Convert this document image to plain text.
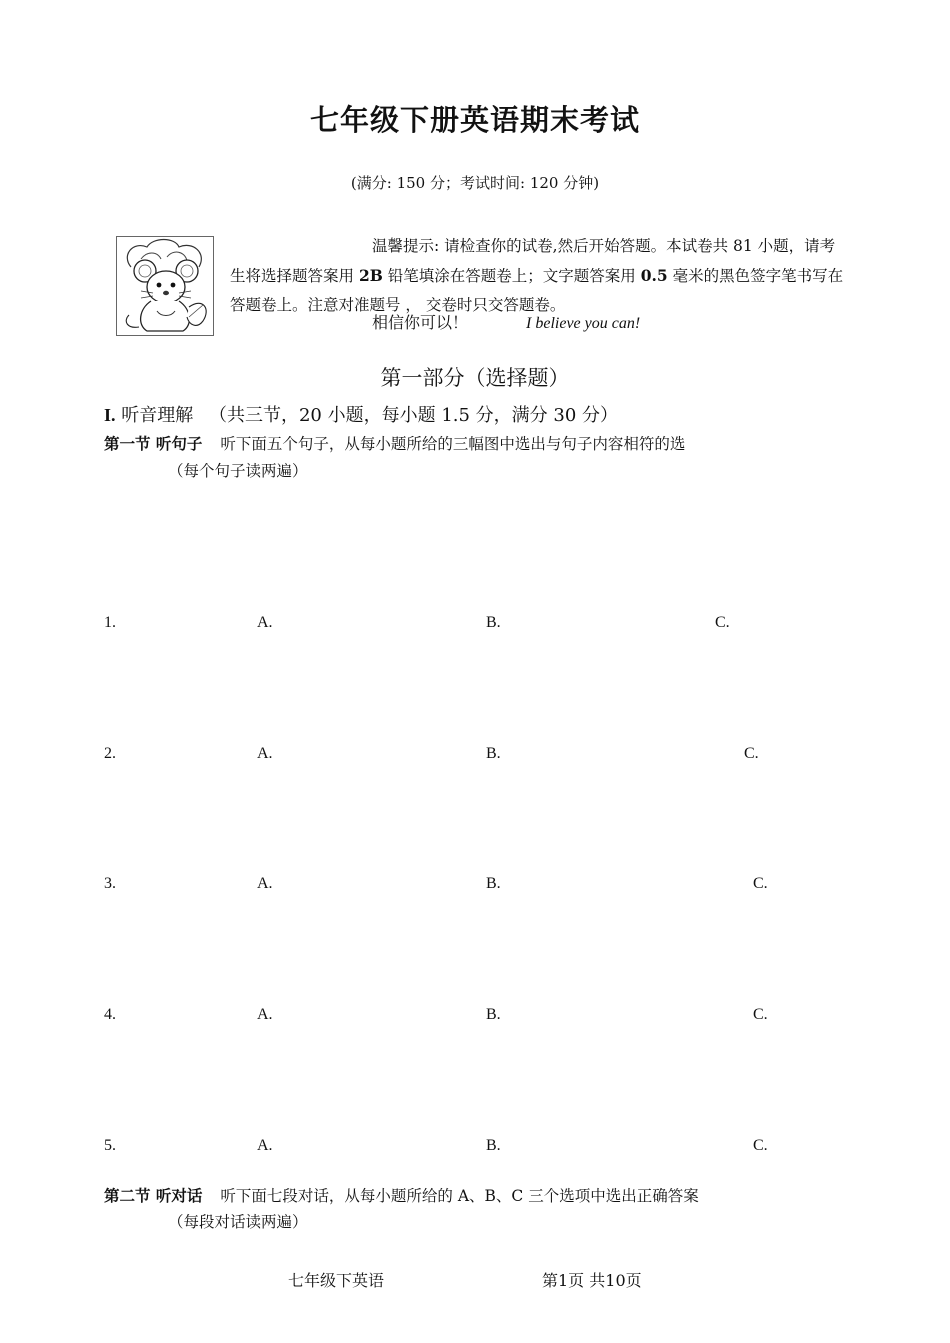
七年级下册英语期末考试
(满分: 150 分；考试时间: 120 分钟)
温馨提示: 请检查你的试卷,然后开始答题。本试卷共 81 小题，请考生将选择题答案用 2B 铅笔填涂在答题卷上；文字题答案用 0.5 毫米的黑色签字笔书写在答题卷上。注意对准题号 ， 交卷时只交答题卷。
相信你可以！	I believe you can!
第一部分（选择题）
I. 听音理解 （共三节，20 小题，每小题 1.5 分，满分 30 分）
第一节 听句子 听下面五个句子，从每小题所给的三幅图中选出与句子内容相符的选
（每个句子读两遍）
1.	A.	B.	C.
2.	A.	B.	C.
3.	A.	B.	C.
4.	A.	B.	C.
5.	A.	B.	C.
第二节 听对话 听下面七段对话，从每小题所给的 A、B、C 三个选项中选出正确答案
（每段对话读两遍）
七年级下英语	第1页 共10页
